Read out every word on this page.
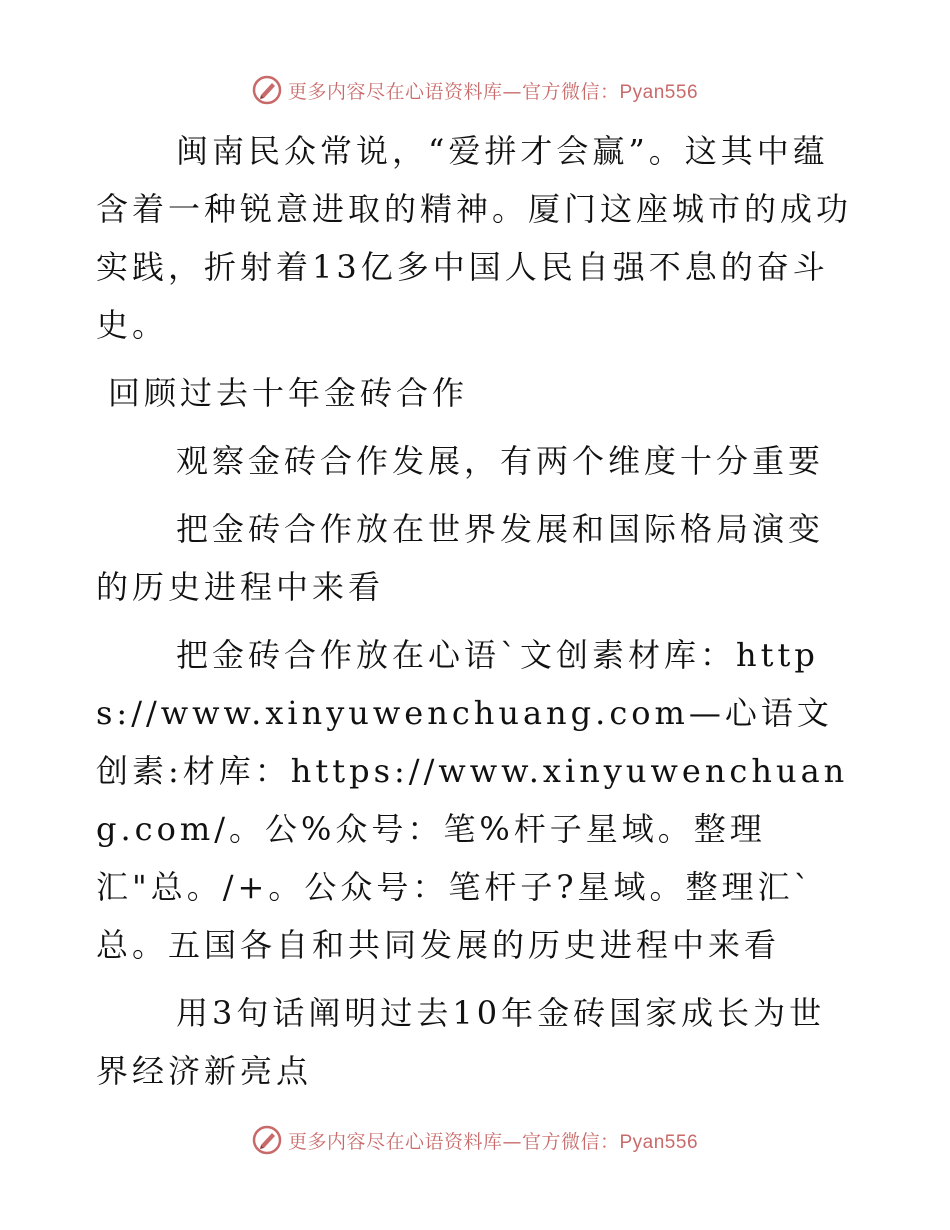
更多内容尽在心语资料库—官方微信：Pyan556

闽南民众常说，“爱拼才会赢”。这其中蕴含着一种锐意进取的精神。厦门这座城市的成功实践，折射着13亿多中国人民自强不息的奋斗史。

回顾过去十年金砖合作

观察金砖合作发展，有两个维度十分重要

把金砖合作放在世界发展和国际格局演变的历史进程中来看

把金砖合作放在心语`文创素材库：https://www.xinyuwenchuang.com—心语文创素:材库：https://www.xinyuwenchuang.com/。公%众号：笔%杆子星域。整理汇"总。/+。公众号：笔杆子?星域。整理汇`总。五国各自和共同发展的历史进程中来看

用3句话阐明过去10年金砖国家成长为世界经济新亮点

更多内容尽在心语资料库—官方微信：Pyan556
